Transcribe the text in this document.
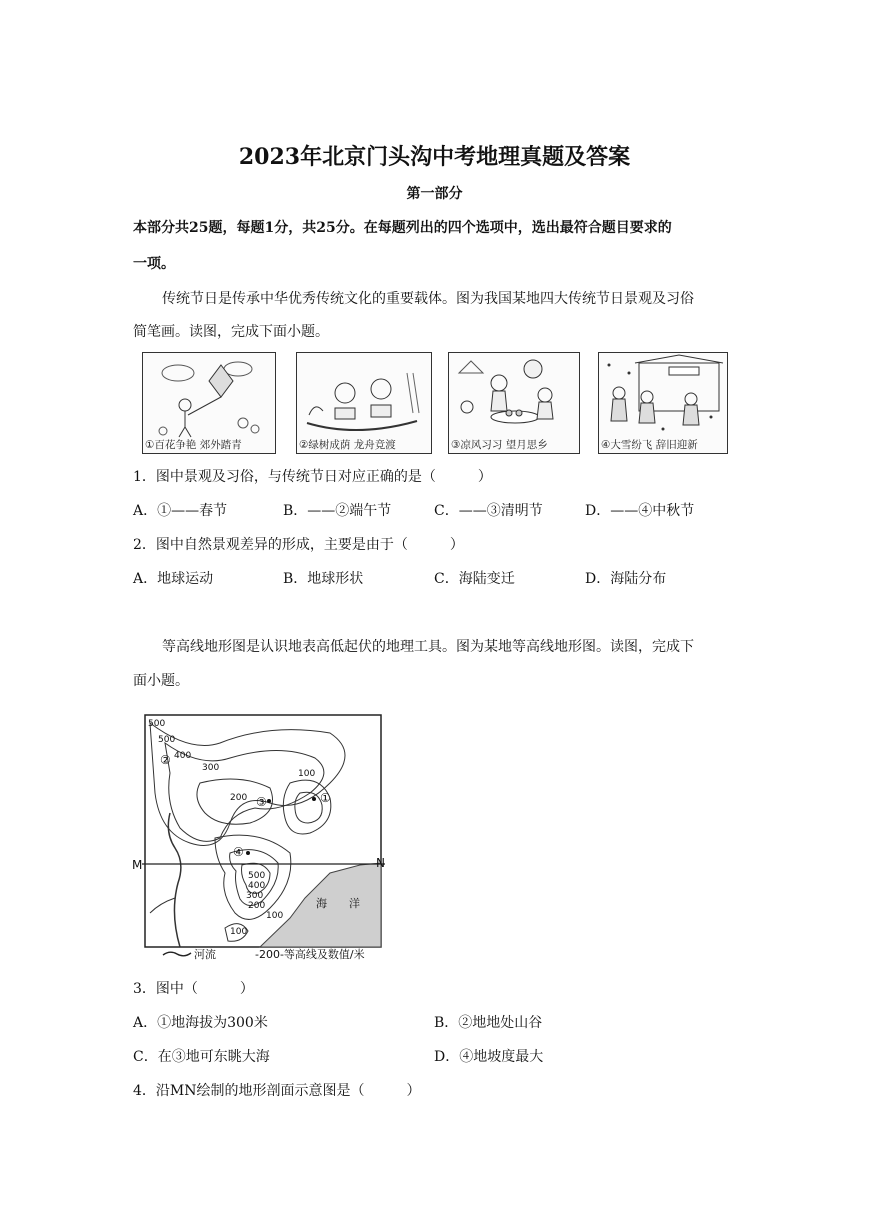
2023年北京门头沟中考地理真题及答案
第一部分
本部分共25题，每题1分，共25分。在每题列出的四个选项中，选出最符合题目要求的
一项。
传统节日是传承中华优秀传统文化的重要载体。图为我国某地四大传统节日景观及习俗
简笔画。读图，完成下面小题。
①百花争艳 郊外踏青	②绿树成荫 龙舟竞渡	③凉风习习 望月思乡	④大雪纷飞 辞旧迎新
1．图中景观及习俗，与传统节日对应正确的是（　　　）
A．①——春节	B．——②端午节	C．——③清明节	D．——④中秋节
2．图中自然景观差异的形成，主要是由于（　　　）
A．地球运动	B．地球形状	C．海陆变迁	D．海陆分布
等高线地形图是认识地表高低起伏的地理工具。图为某地等高线地形图。读图，完成下
面小题。
M	N
海　　洋
①
②
③
④
500
500
400
300
200
100
500
400
300
200
100
100
河流	-200-等高线及数值/米
3．图中（　　　）
A．①地海拔为300米	B．②地地处山谷
C．在③地可东眺大海	D．④地坡度最大
4．沿MN绘制的地形剖面示意图是（　　　）
